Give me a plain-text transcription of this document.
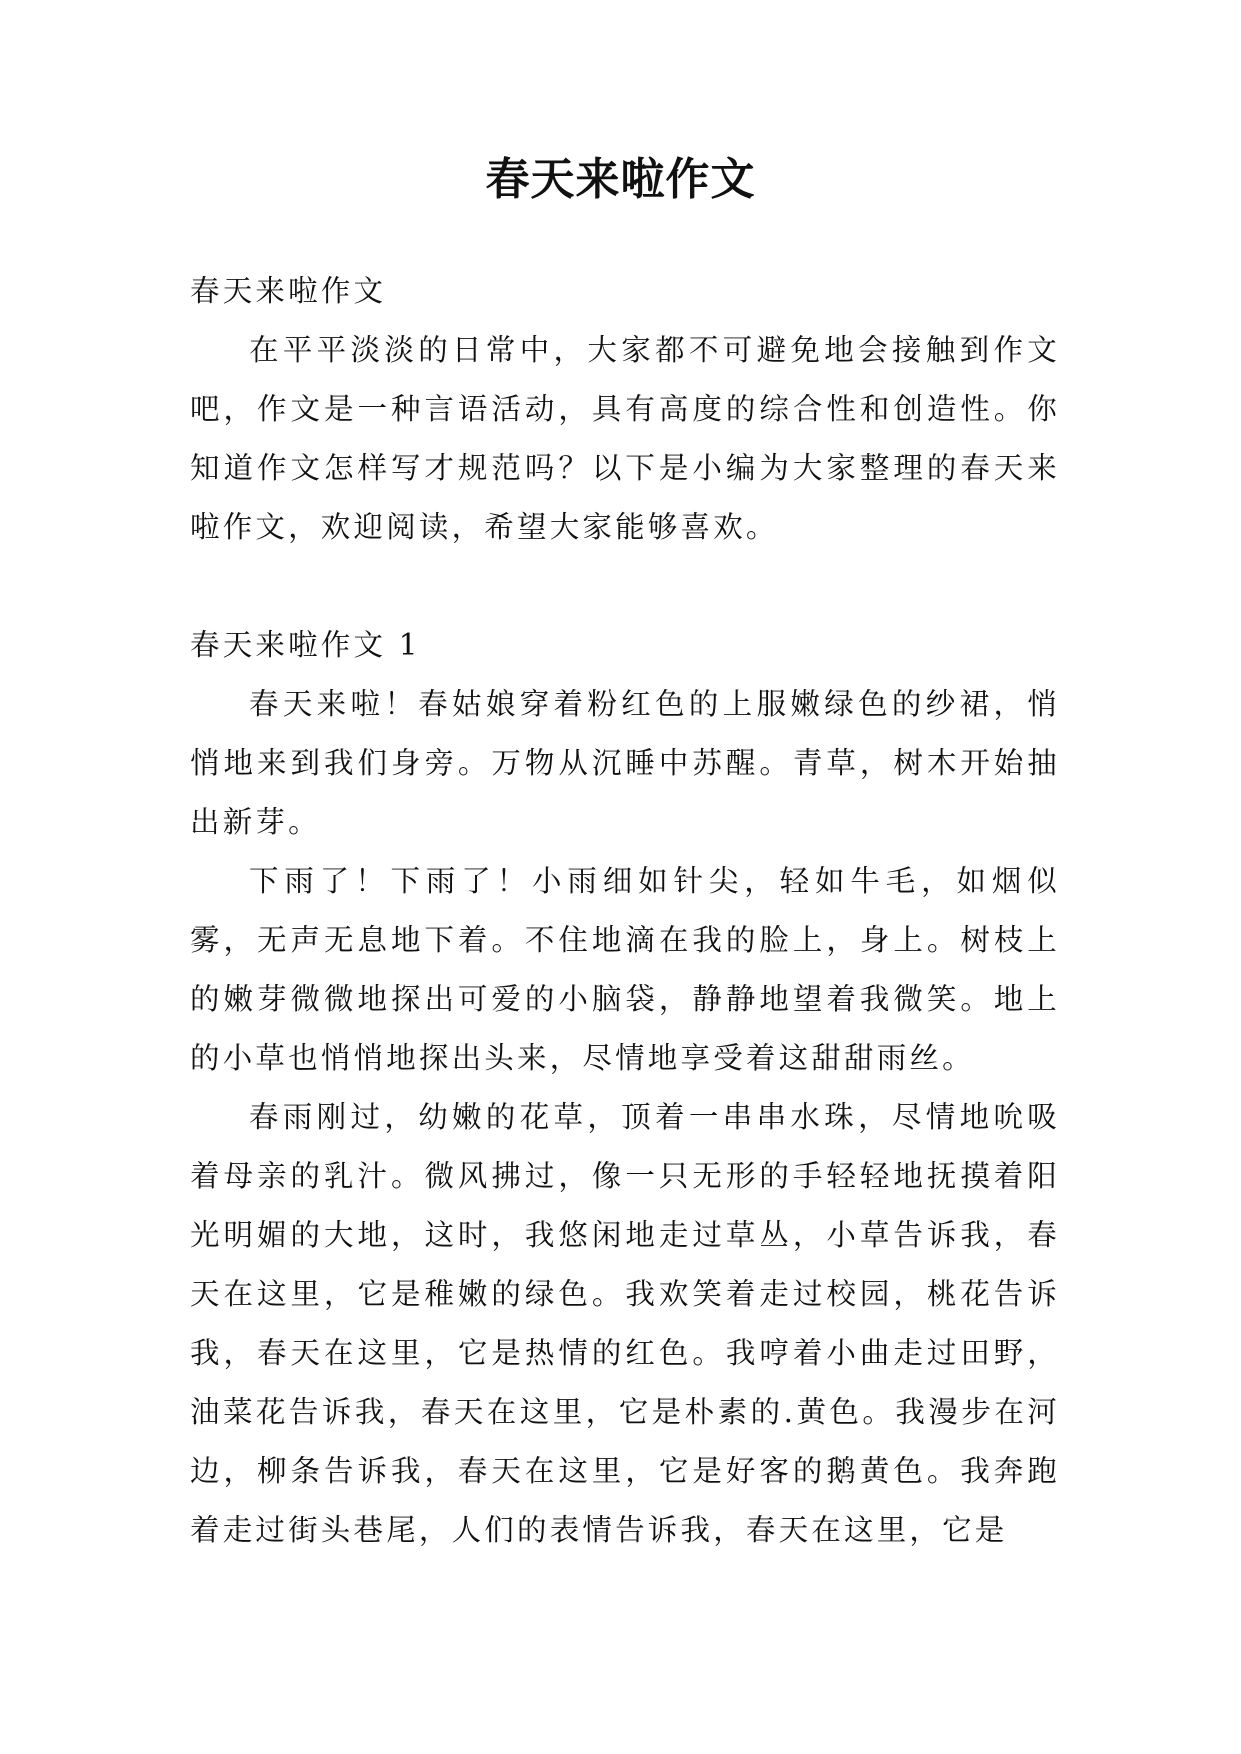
春天来啦作文

春天来啦作文

在平平淡淡的日常中，大家都不可避免地会接触到作文吧，作文是一种言语活动，具有高度的综合性和创造性。你知道作文怎样写才规范吗？以下是小编为大家整理的春天来啦作文，欢迎阅读，希望大家能够喜欢。

春天来啦作文 1

春天来啦！春姑娘穿着粉红色的上服嫩绿色的纱裙，悄悄地来到我们身旁。万物从沉睡中苏醒。青草，树木开始抽出新芽。

下雨了！下雨了！小雨细如针尖，轻如牛毛，如烟似雾，无声无息地下着。不住地滴在我的脸上，身上。树枝上的嫩芽微微地探出可爱的小脑袋，静静地望着我微笑。地上的小草也悄悄地探出头来，尽情地享受着这甜甜雨丝。

春雨刚过，幼嫩的花草，顶着一串串水珠，尽情地吮吸着母亲的乳汁。微风拂过，像一只无形的手轻轻地抚摸着阳光明媚的大地，这时，我悠闲地走过草丛，小草告诉我，春天在这里，它是稚嫩的绿色。我欢笑着走过校园，桃花告诉我，春天在这里，它是热情的红色。我哼着小曲走过田野，油菜花告诉我，春天在这里，它是朴素的.黄色。我漫步在河边，柳条告诉我，春天在这里，它是好客的鹅黄色。我奔跑着走过街头巷尾，人们的表情告诉我，春天在这里，它是
